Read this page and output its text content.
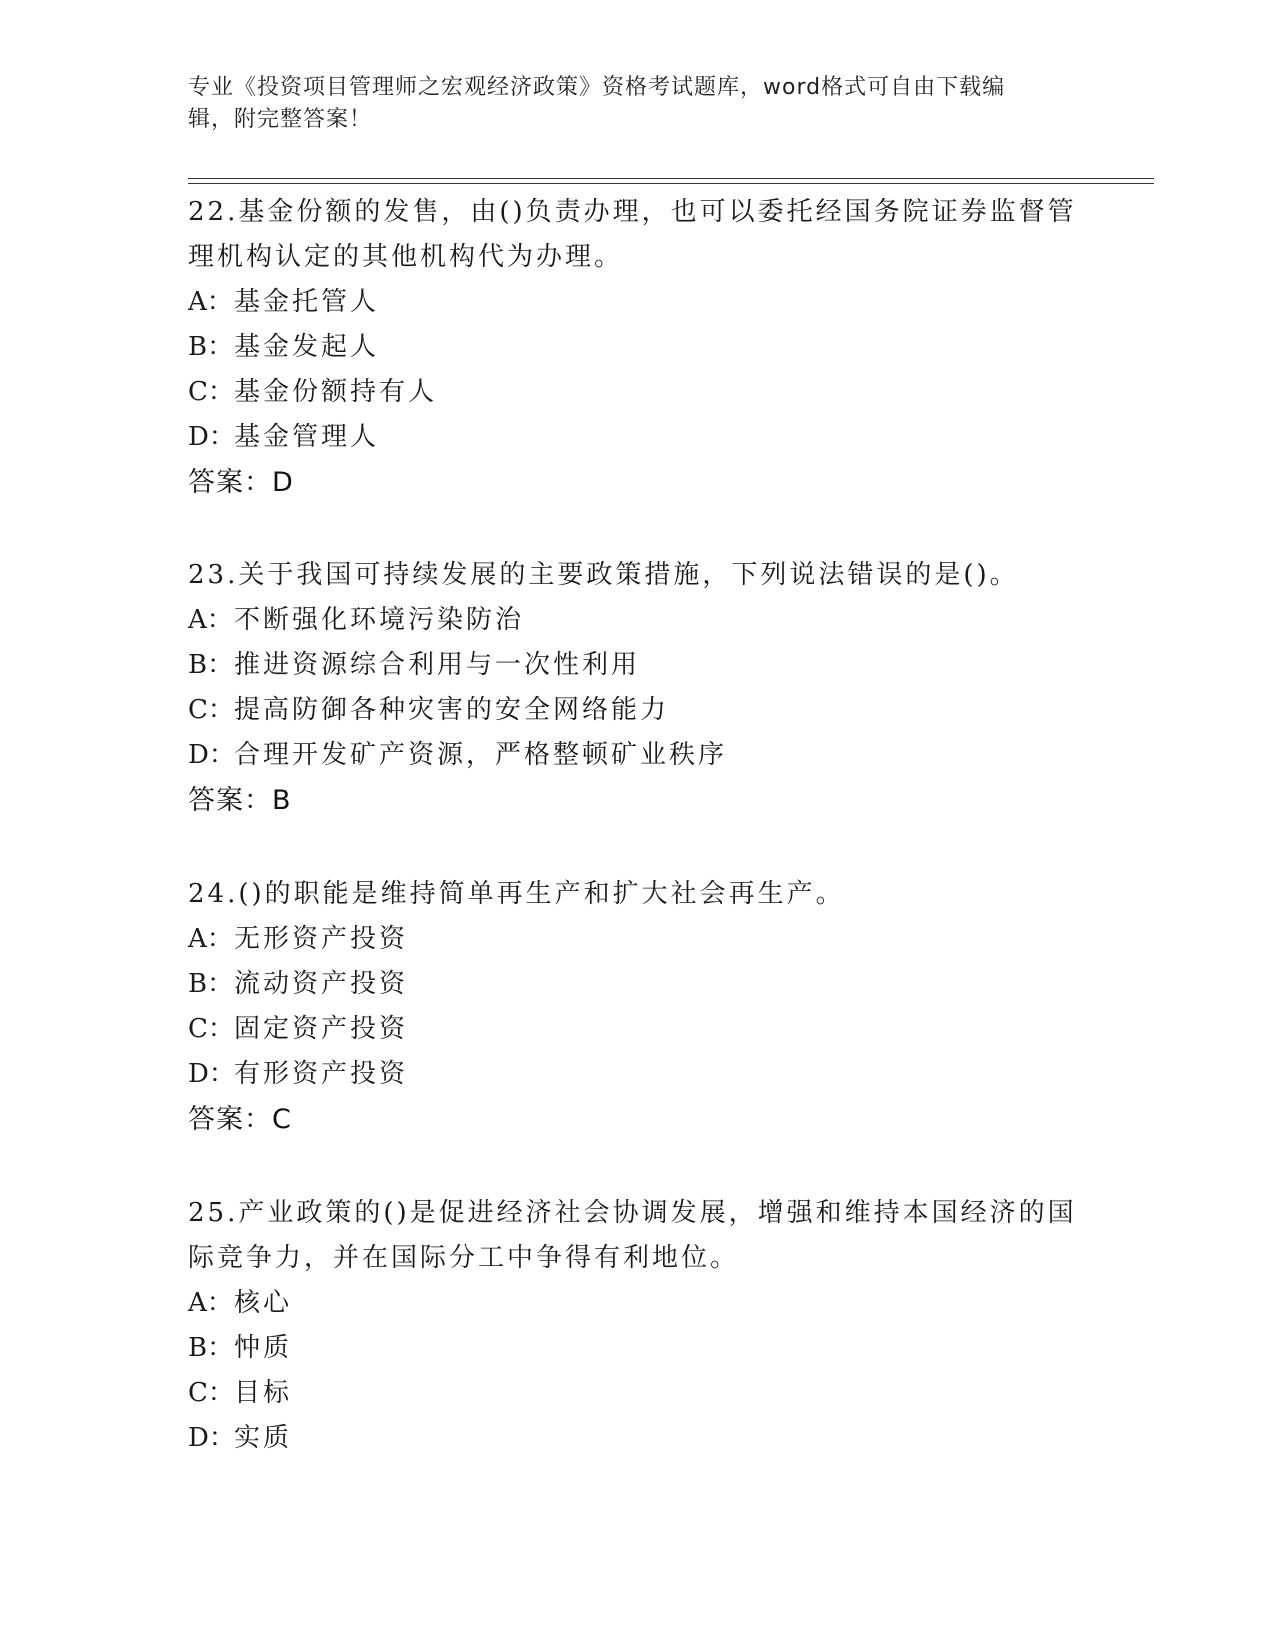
专业《投资项目管理师之宏观经济政策》资格考试题库，word格式可自由下载编
辑，附完整答案！

22.基金份额的发售，由()负责办理，也可以委托经国务院证券监督管

理机构认定的其他机构代为办理。

A：基金托管人

B：基金发起人

C：基金份额持有人

D：基金管理人

答案：D

23.关于我国可持续发展的主要政策措施，下列说法错误的是()。

A：不断强化环境污染防治

B：推进资源综合利用与一次性利用

C：提高防御各种灾害的安全网络能力

D：合理开发矿产资源，严格整顿矿业秩序

答案：B

24.()的职能是维持简单再生产和扩大社会再生产。

A：无形资产投资

B：流动资产投资

C：固定资产投资

D：有形资产投资

答案：C

25.产业政策的()是促进经济社会协调发展，增强和维持本国经济的国

际竞争力，并在国际分工中争得有利地位。

A：核心

B：忡质

C：目标

D：实质
